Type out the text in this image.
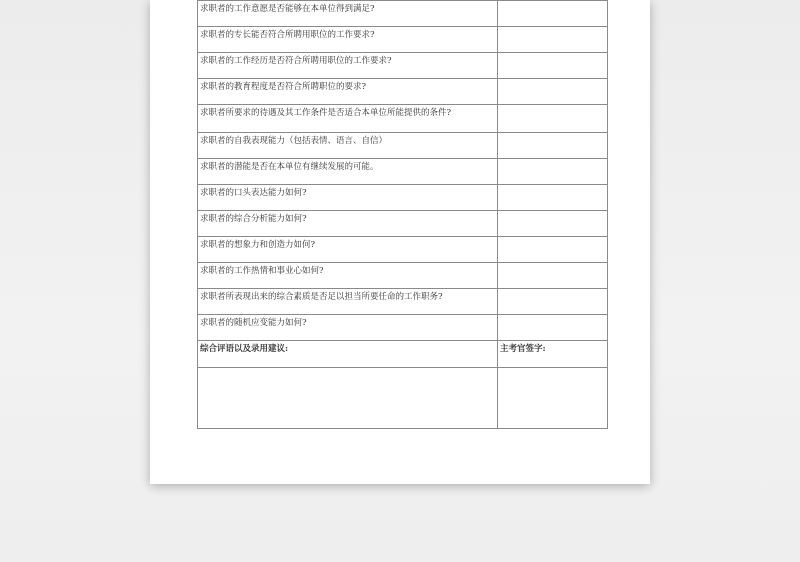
求职者的工作意愿是否能够在本单位得到满足?	
求职者的专长能否符合所聘用职位的工作要求?	
求职者的工作经历是否符合所聘用职位的工作要求?	
求职者的教育程度是否符合所聘职位的要求?	
求职者所要求的待遇及其工作条件是否适合本单位所能提供的条件?	
求职者的自我表现能力（包括表情、语言、自信）	
求职者的潜能是否在本单位有继续发展的可能。	
求职者的口头表达能力如何?	
求职者的综合分析能力如何?	
求职者的想象力和创造力如何?	
求职者的工作热情和事业心如何?	
求职者所表现出来的综合素质是否足以担当所要任命的工作职务?	
求职者的随机应变能力如何?	
综合评语以及录用建议:	主考官签字:
